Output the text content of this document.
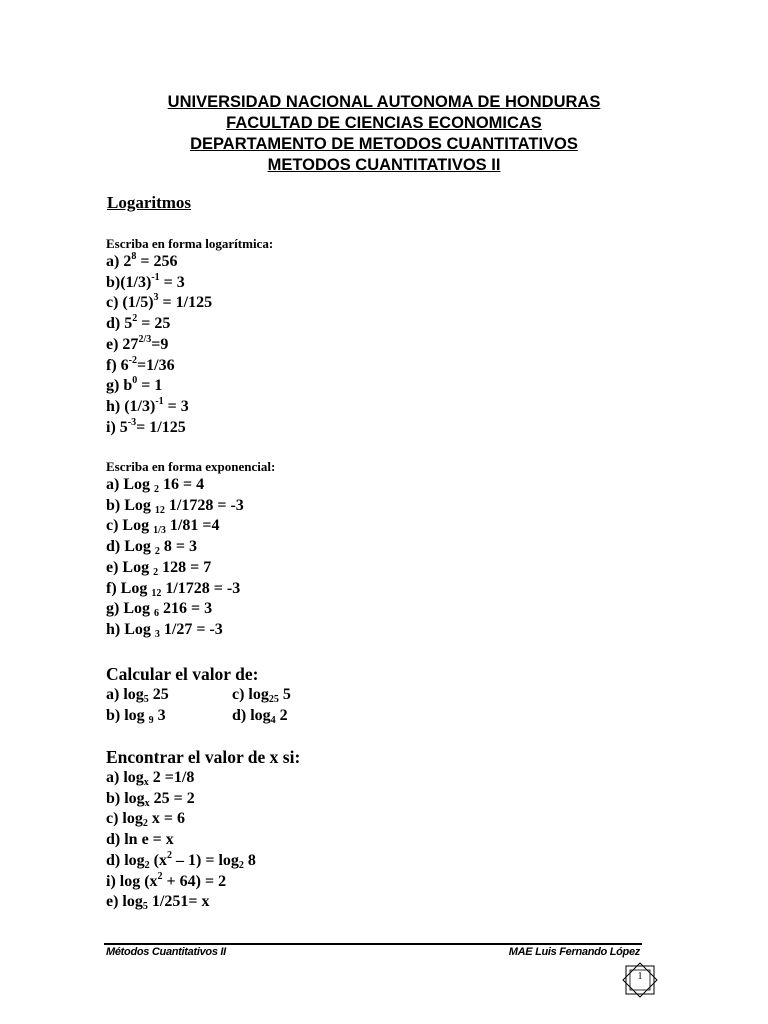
UNIVERSIDAD NACIONAL AUTONOMA DE HONDURAS
FACULTAD DE CIENCIAS ECONOMICAS
DEPARTAMENTO DE METODOS CUANTITATIVOS
METODOS CUANTITATIVOS II
Logaritmos
Escriba en forma logarítmica:
a) $2^8 = 256$
$b)(1/3)^{-1} = 3$
c) $(1/5)^3 = 1/125$
d) $5^2 = 25$
e) $27^{2/3}=9$
f) $6^{-2}=1/36$
g) $b^0 = 1$
h) $(1/3)^{-1} = 3$
i) $5^{-3}= 1/125$
Escriba en forma exponencial:
a) Log $_2$ 16 = 4
b) Log $_{12}$ 1/1728 = -3
c) Log $_{1/3}$ 1/81 =4
d) Log $_2$ 8 = 3
e) Log $_2$ 128 = 7
f) Log $_{12}$ 1/1728 = -3
g) Log $_6$ 216 = 3
h) Log $_3$ 1/27 = -3
Calcular el valor de:
a) $\log_5 25$	c) $\log_{25} 5$
b) log $_9$ 3	d) $\log_4 2$
Encontrar el valor de x si:
a) $\log_x 2 =1/8$
b) $\log_x 25 = 2$
c) $\log_2 x = 6$
d) ln e = x
d) $\log_2 (x^2 - 1) = \log_2 8$
i) $\log (x^2 + 64) = 2$
e) $\log_5 1/251= x$
Métodos Cuantitativos II	MAE Luis Fernando López
1
